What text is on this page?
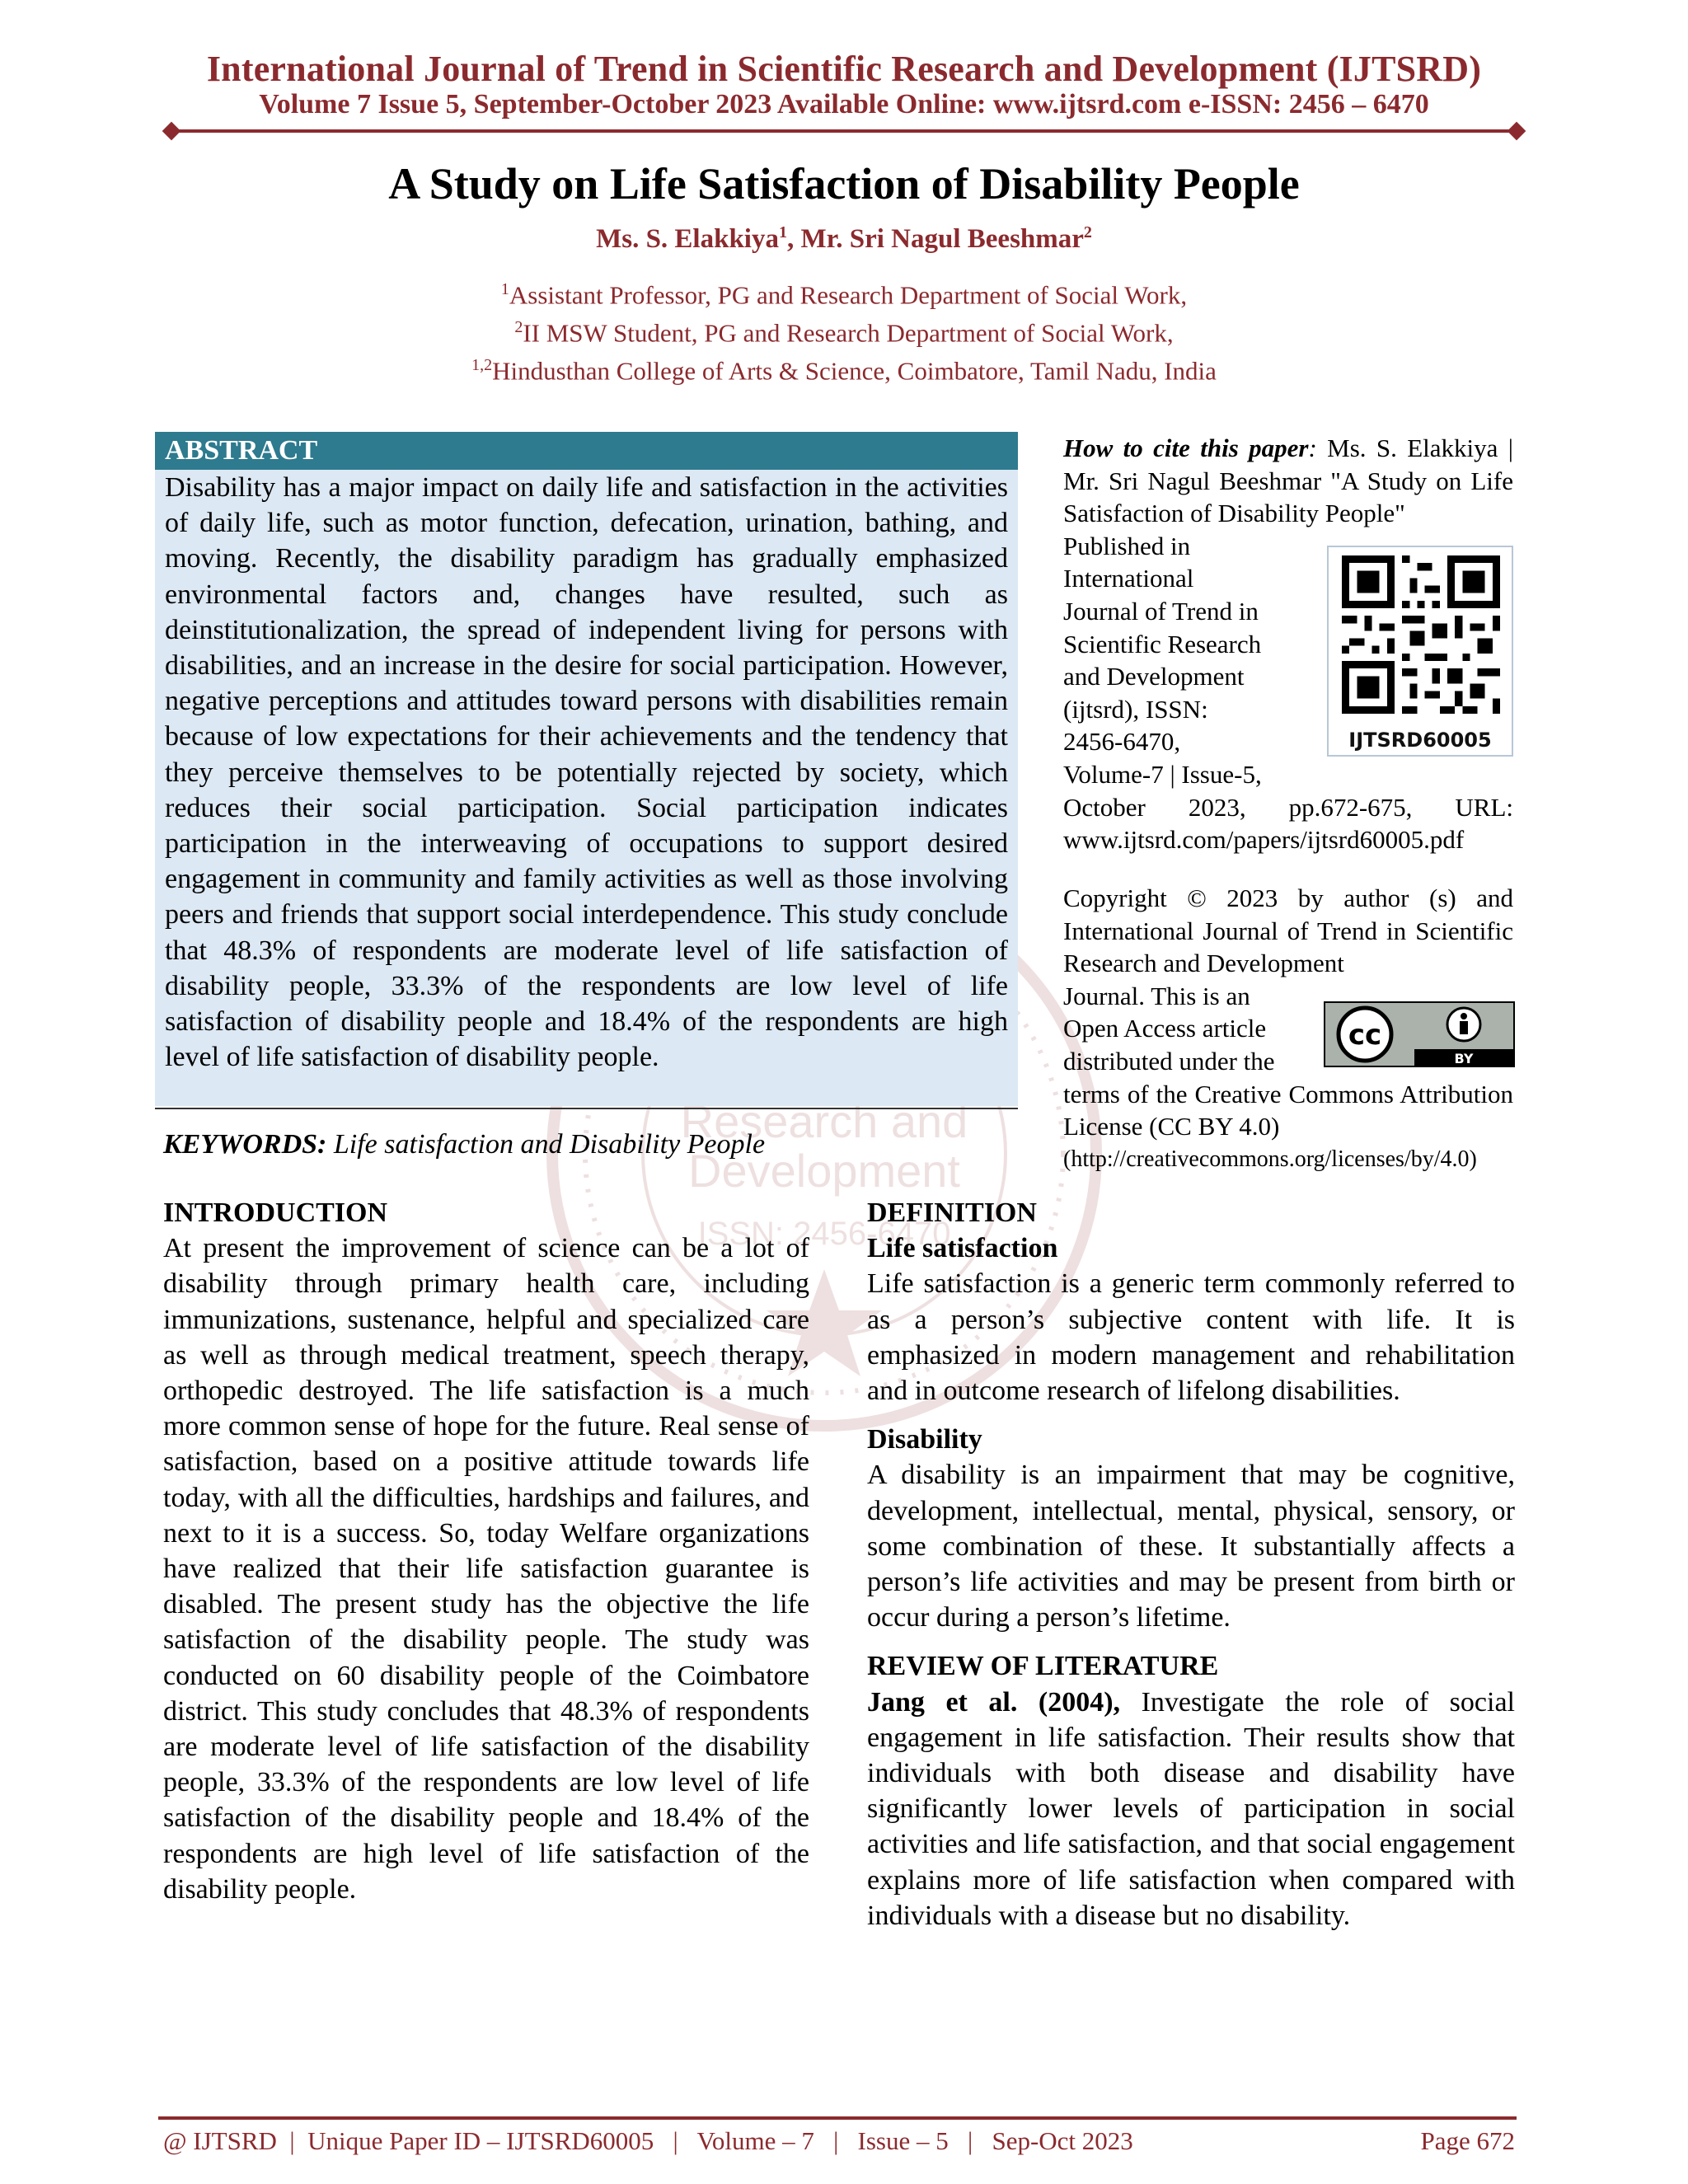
International Journal of Trend in Scientific Research and Development (IJTSRD)
Volume 7 Issue 5, September-October 2023 Available Online: www.ijtsrd.com e-ISSN: 2456 – 6470
Research and
Development
ISSN: 2456-6470
A Study on Life Satisfaction of Disability People
Ms. S. Elakkiya$^1$, Mr. Sri Nagul Beeshmar$^2$
$^1$Assistant Professor, PG and Research Department of Social Work,
$^2$II MSW Student, PG and Research Department of Social Work,
$^{1,2}$Hindusthan College of Arts & Science, Coimbatore, Tamil Nadu, India
ABSTRACT
Disability has a major impact on daily life and satisfaction in the activities of daily life, such as motor function, defecation, urination, bathing, and moving. Recently, the disability paradigm has gradually emphasized environmental factors and, changes have resulted, such as deinstitutionalization, the spread of independent living for persons with disabilities, and an increase in the desire for social participation. However, negative perceptions and attitudes toward persons with disabilities remain because of low expectations for their achievements and the tendency that they perceive themselves to be potentially rejected by society, which reduces their social participation. Social participation indicates participation in the interweaving of occupations to support desired engagement in community and family activities as well as those involving peers and friends that support social interdependence. This study conclude that 48.3% of respondents are moderate level of life satisfaction of disability people, 33.3% of the respondents are low level of life satisfaction of disability people and 18.4% of the respondents are high level of life satisfaction of disability people.
KEYWORDS: Life satisfaction and Disability People
How to cite this paper: Ms. S. Elakkiya | Mr. Sri Nagul Beeshmar "A Study on Life Satisfaction of Disability People"
Published in
International
Journal of Trend in
Scientific Research
and Development
(ijtsrd), ISSN:
2456-6470,
Volume-7 | Issue-5,
October 2023, pp.672-675, URL: www.ijtsrd.com/papers/ijtsrd60005.pdf
IJTSRD60005
Copyright © 2023 by author (s) and International Journal of Trend in Scientific Research and Development
Journal. This is an
Open Access article
distributed under the
terms of the Creative Commons Attribution License (CC BY 4.0)
(http://creativecommons.org/licenses/by/4.0)
cc
BY
INTRODUCTION
At present the improvement of science can be a lot of disability through primary health care, including immunizations, sustenance, helpful and specialized care as well as through medical treatment, speech therapy, orthopedic destroyed. The life satisfaction is a much more common sense of hope for the future. Real sense of satisfaction, based on a positive attitude towards life today, with all the difficulties, hardships and failures, and next to it is a success. So, today Welfare organizations have realized that their life satisfaction guarantee is disabled. The present study has the objective the life satisfaction of the disability people. The study was conducted on 60 disability people of the Coimbatore district. This study concludes that 48.3% of respondents are moderate level of life satisfaction of the disability people, 33.3% of the respondents are low level of life satisfaction of the disability people and 18.4% of the respondents are high level of life satisfaction of the disability people.
DEFINITION
Life satisfaction
Life satisfaction is a generic term commonly referred to as a person’s subjective content with life. It is emphasized in modern management and rehabilitation and in outcome research of lifelong disabilities.
Disability
A disability is an impairment that may be cognitive, development, intellectual, mental, physical, sensory, or some combination of these. It substantially affects a person’s life activities and may be present from birth or occur during a person’s lifetime.
REVIEW OF LITERATURE
Jang et al. (2004), Investigate the role of social engagement in life satisfaction. Their results show that individuals with both disease and disability have significantly lower levels of participation in social activities and life satisfaction, and that social engagement explains more of life satisfaction when compared with individuals with a disease but no disability.
@ IJTSRD  |  Unique Paper ID – IJTSRD60005   |   Volume – 7   |   Issue – 5   |   Sep-Oct 2023	Page 672
